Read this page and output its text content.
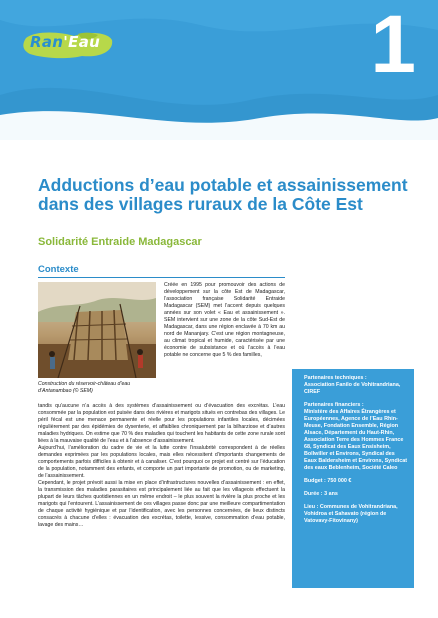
Ran'Eau	1
Adductions d’eau potable et assainissement dans des villages ruraux de la Côte Est
Solidarité Entraide Madagascar
Contexte

Construction du réservoir-château d’eau d’Antanambao (© SEM)

Créée en 1995 pour promouvoir des actions de développement sur la côte Est de Madagascar, l’association française Solidarité Entraide Madagascar (SEM) met l’accent depuis quelques années sur son volet « Eau et assainissement ». SEM intervient sur une zone de la côte Sud-Est de Madagascar, dans une région enclavée à 70 km au nord de Mananjary. C’est une région montagneuse, au climat tropical et humide, caractérisée par une économie de subsistance et où l’accès à l’eau potable ne concerne que 5 % des familles,

tandis qu’aucune n’a accès à des systèmes d’assainissement ou d’évacuation des excrétas. L’eau consommée par la population est puisée dans des rivières et marigots situés en contrebas des villages. Le péril fécal est une menace permanente et réelle pour les populations infantiles locales, décimées régulièrement par des épidémies de dysenterie, et affaiblies chroniquement par la bilharziose et d’autres maladies hydriques. On estime que 70 % des maladies qui touchent les habitants de cette zone rurale sont liées à la mauvaise qualité de l’eau et à l’absence d’assainissement.

Aujourd’hui, l’amélioration du cadre de vie et la lutte contre l’insalubrité correspondent à de réelles demandes exprimées par les populations locales, mais elles nécessitent d’importants changements de comportements parfois difficiles à obtenir et à canaliser. C’est pourquoi ce projet est centré sur l’éducation de la population, notamment des enfants, et comporte un part importante de promotion, ou de marketing, de l’assainissement.

Cependant, le projet prévoit aussi la mise en place d’infrastructures nouvelles d’assainissement : en effet, la transmission des maladies parasitaires est principalement liée au fait que les villageois effectuent la plupart de leurs tâches quotidiennes en un même endroit – le plus souvent la rivière la plus proche et les marigots qui l’entourent. L’assainissement de ces villages passe donc par une meilleure compartimentation de chaque activité hygiénique et par l’identification, avec les personnes concernées, de lieux distincts consacrés à chacune d’elles : évacuation des excrétas, toilette, lessive, consommation d’eau potable, lavage des mains…

Partenaires techniques :
Association Fanilo de Vohitrandriana, CIREF
Partenaires financiers :
Ministère des Affaires Étrangères et Européennes, Agence de l’Eau Rhin-Meuse, Fondation Ensemble, Région Alsace, Département du Haut-Rhin, Association Terre des Hommes France 68, Syndicat des Eaux Ensisheim, Bollwiller et Environs, Syndical des Eaux Baldersheim et Environs, Syndicat des eaux Beblenheim, Société Caleo
Budget : 750 000 €
Durée : 3 ans
Lieu : Communes de Vohitrandriana, Vohidroa et Sahavato (région de Vatovavy-Fitovinany)
